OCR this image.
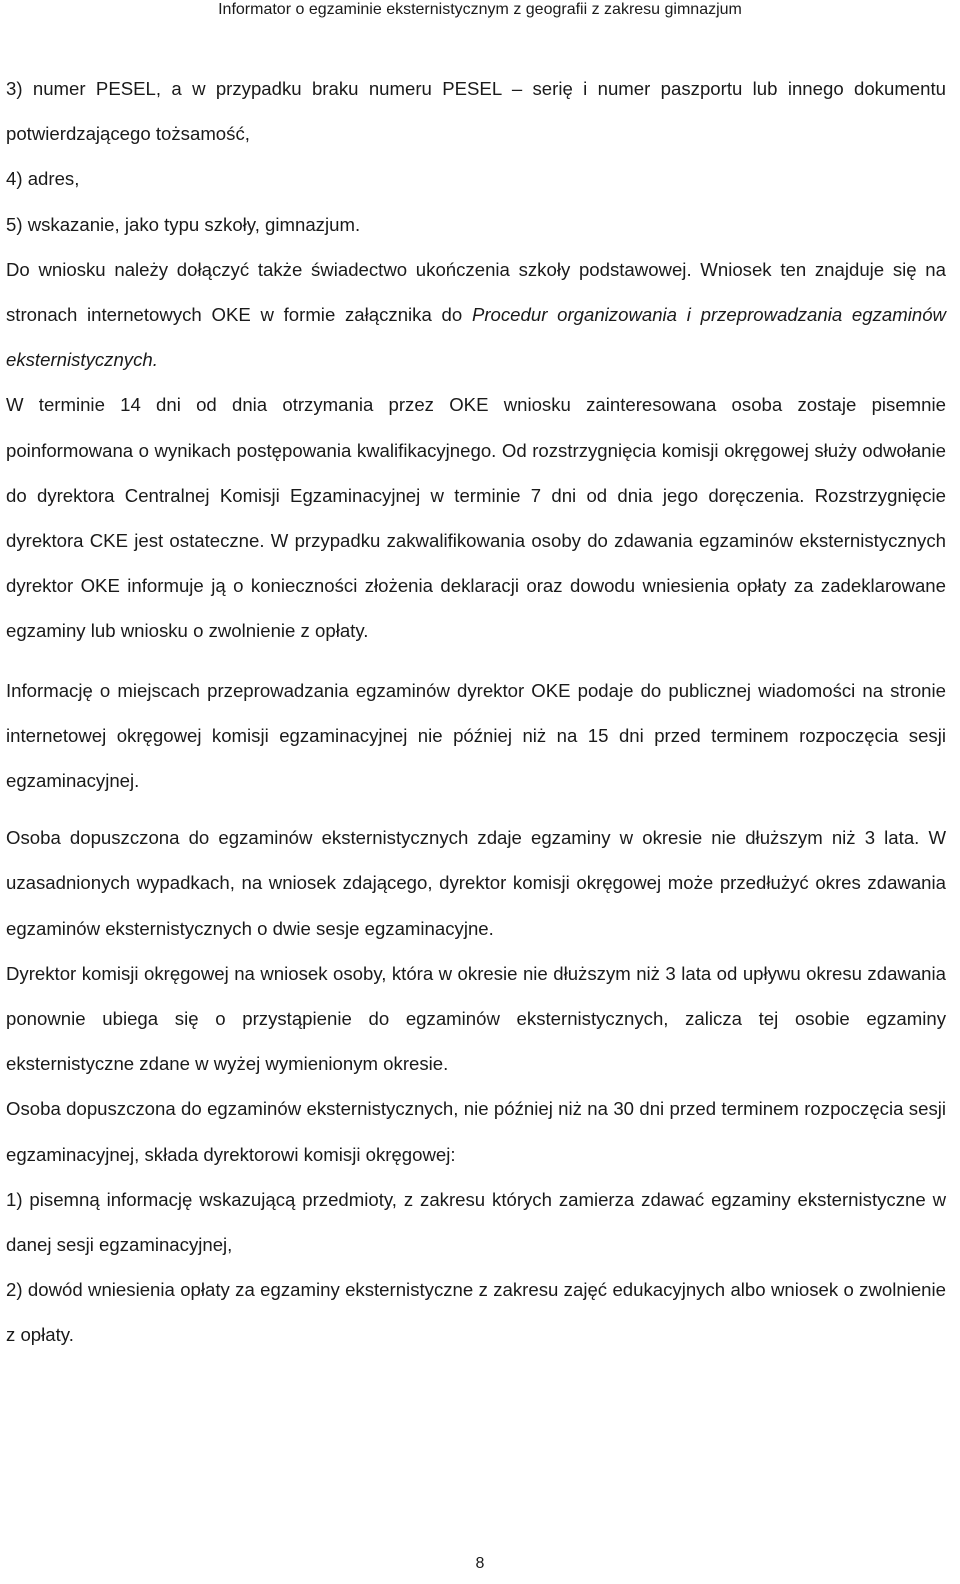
Informator o egzaminie eksternistycznym z geografii z zakresu gimnazjum

3) numer PESEL, a w przypadku braku numeru PESEL – serię i numer paszportu lub innego dokumentu potwierdzającego tożsamość,

4) adres,

5) wskazanie, jako typu szkoły, gimnazjum.

Do wniosku należy dołączyć także świadectwo ukończenia szkoły podstawowej. Wniosek ten znajduje się na stronach internetowych OKE w formie załącznika do Procedur organizowania i przeprowadzania egzaminów eksternistycznych.

W terminie 14 dni od dnia otrzymania przez OKE wniosku zainteresowana osoba zostaje pisemnie poinformowana o wynikach postępowania kwalifikacyjnego. Od rozstrzygnięcia komisji okręgowej służy odwołanie do dyrektora Centralnej Komisji Egzaminacyjnej w terminie 7 dni od dnia jego doręczenia. Rozstrzygnięcie dyrektora CKE jest ostateczne. W przypadku zakwalifikowania osoby do zdawania egzaminów eksternistycznych dyrektor OKE informuje ją o konieczności złożenia deklaracji oraz dowodu wniesienia opłaty za zadeklarowane egzaminy lub wniosku o zwolnienie z opłaty.

Informację o miejscach przeprowadzania egzaminów dyrektor OKE podaje do publicznej wiadomości na stronie internetowej okręgowej komisji egzaminacyjnej nie później niż na 15 dni przed terminem rozpoczęcia sesji egzaminacyjnej.

Osoba dopuszczona do egzaminów eksternistycznych zdaje egzaminy w okresie nie dłuższym niż 3 lata. W uzasadnionych wypadkach, na wniosek zdającego, dyrektor komisji okręgowej może przedłużyć okres zdawania egzaminów eksternistycznych o dwie sesje egzaminacyjne.

Dyrektor komisji okręgowej na wniosek osoby, która w okresie nie dłuższym niż 3 lata od upływu okresu zdawania ponownie ubiega się o przystąpienie do egzaminów eksternistycznych, zalicza tej osobie egzaminy eksternistyczne zdane w wyżej wymienionym okresie.

Osoba dopuszczona do egzaminów eksternistycznych, nie później niż na 30 dni przed terminem rozpoczęcia sesji egzaminacyjnej, składa dyrektorowi komisji okręgowej:

1) pisemną informację wskazującą przedmioty, z zakresu których zamierza zdawać egzaminy eksternistyczne w danej sesji egzaminacyjnej,

2) dowód wniesienia opłaty za egzaminy eksternistyczne z zakresu zajęć edukacyjnych albo wniosek o zwolnienie z opłaty.

8
